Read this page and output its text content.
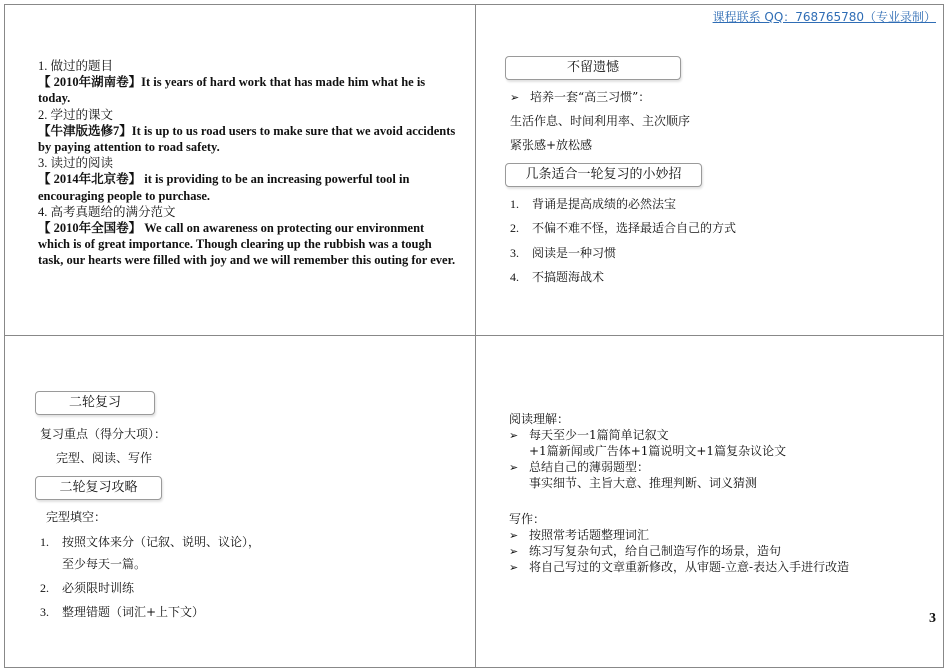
课程联系 QQ：768765780（专业录制）
1. 做过的题目
【 2010年湖南卷】It is years of hard work that has made him what he is today.
2. 学过的课文
【牛津版选修7】It is up to us road users to make sure that we avoid accidents by paying attention to road safety.
3. 读过的阅读
【 2014年北京卷】 it is providing to be an increasing powerful tool in encouraging people to purchase.
4. 高考真题给的满分范文
【 2010年全国卷】 We call on awareness on protecting our environment which is of great importance. Though clearing up the rubbish was a tough task, our hearts were filled with joy and we will remember this outing for ever.
不留遗憾
➢ 培养一套“高三习惯”：
生活作息、时间利用率、主次顺序
紧张感+放松感
几条适合一轮复习的小妙招
1. 背诵是提高成绩的必然法宝
2. 不偏不难不怪，选择最适合自己的方式
3. 阅读是一种习惯
4. 不搞题海战术
二轮复习
复习重点（得分大项）：
完型、阅读、写作
二轮复习攻略
完型填空：
1. 按照文体来分（记叙、说明、议论），
至少每天一篇。
2. 必须限时训练
3. 整理错题（词汇+上下文）
阅读理解：
➢ 每天至少一1篇简单记叙文
+1篇新闻或广告体+1篇说明文+1篇复杂议论文
➢ 总结自己的薄弱题型：
事实细节、主旨大意、推理判断、词义猜测
写作：
➢ 按照常考话题整理词汇
➢ 练习写复杂句式，给自己制造写作的场景，造句
➢ 将自己写过的文章重新修改，从审题-立意-表达入手进行改造
3
